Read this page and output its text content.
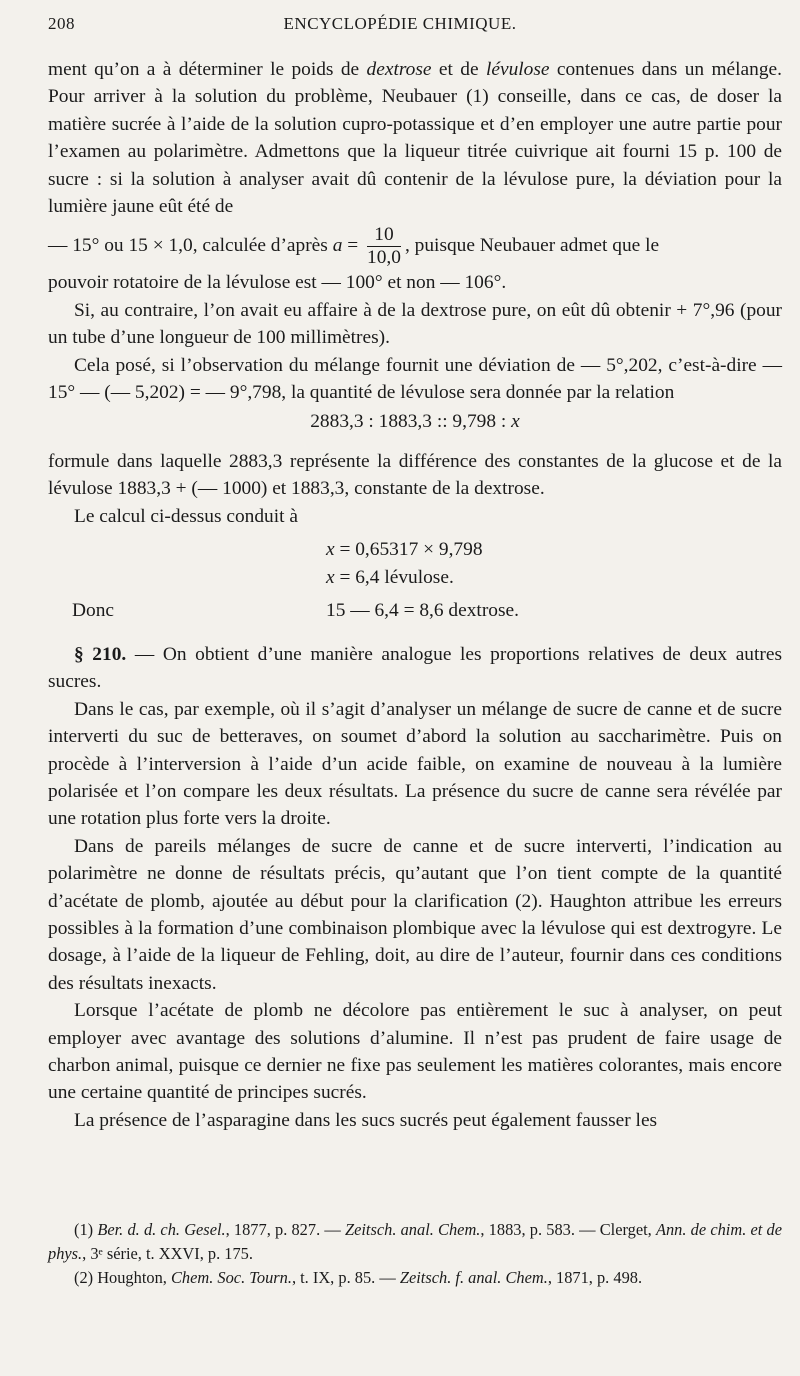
208	ENCYCLOPÉDIE CHIMIQUE.

ment qu’on a à déterminer le poids de dextrose et de lévulose contenues dans un mélange. Pour arriver à la solution du problème, Neubauer (1) conseille, dans ce cas, de doser la matière sucrée à l’aide de la solution cupro-potassique et d’en employer une autre partie pour l’examen au polarimètre. Admettons que la liqueur titrée cuivrique ait fourni 15 p. 100 de sucre : si la solution à analyser avait dû contenir de la lévulose pure, la déviation pour la lumière jaune eût été de

— 15° ou 15 × 1,0, calculée d’après $a = \frac{10}{10,0}$ , puisque Neubauer admet que le

pouvoir rotatoire de la lévulose est — 100° et non — 106°.

Si, au contraire, l’on avait eu affaire à de la dextrose pure, on eût dû obtenir + 7°,96 (pour un tube d’une longueur de 100 millimètres).

Cela posé, si l’observation du mélange fournit une déviation de — 5°,202, c’est-à-dire — 15° — (— 5,202) = — 9°,798, la quantité de lévulose sera donnée par la relation

2883,3 : 1883,3 :: 9,798 : x

formule dans laquelle 2883,3 représente la différence des constantes de la glucose et de la lévulose 1883,3 + (— 1000) et 1883,3, constante de la dextrose.

Le calcul ci-dessus conduit à

x = 0,65317 × 9,798
x = 6,4 lévulose.
Donc	15 — 6,4 = 8,6 dextrose.

§ 210. — On obtient d’une manière analogue les proportions relatives de deux autres sucres.

Dans le cas, par exemple, où il s’agit d’analyser un mélange de sucre de canne et de sucre interverti du suc de betteraves, on soumet d’abord la solution au saccharimètre. Puis on procède à l’interversion à l’aide d’un acide faible, on examine de nouveau à la lumière polarisée et l’on compare les deux résultats. La présence du sucre de canne sera révélée par une rotation plus forte vers la droite.

Dans de pareils mélanges de sucre de canne et de sucre interverti, l’indication au polarimètre ne donne de résultats précis, qu’autant que l’on tient compte de la quantité d’acétate de plomb, ajoutée au début pour la clarification (2). Haughton attribue les erreurs possibles à la formation d’une combinaison plombique avec la lévulose qui est dextrogyre. Le dosage, à l’aide de la liqueur de Fehling, doit, au dire de l’auteur, fournir dans ces conditions des résultats inexacts.

Lorsque l’acétate de plomb ne décolore pas entièrement le suc à analyser, on peut employer avec avantage des solutions d’alumine. Il n’est pas prudent de faire usage de charbon animal, puisque ce dernier ne fixe pas seulement les matières colorantes, mais encore une certaine quantité de principes sucrés.

La présence de l’asparagine dans les sucs sucrés peut également fausser les

(1) Ber. d. d. ch. Gesel., 1877, p. 827. — Zeitsch. anal. Chem., 1883, p. 583. — Clerget, Ann. de chim. et de phys., 3ᵉ série, t. XXVI, p. 175.

(2) Houghton, Chem. Soc. Tourn., t. IX, p. 85. — Zeitsch. f. anal. Chem., 1871, p. 498.
